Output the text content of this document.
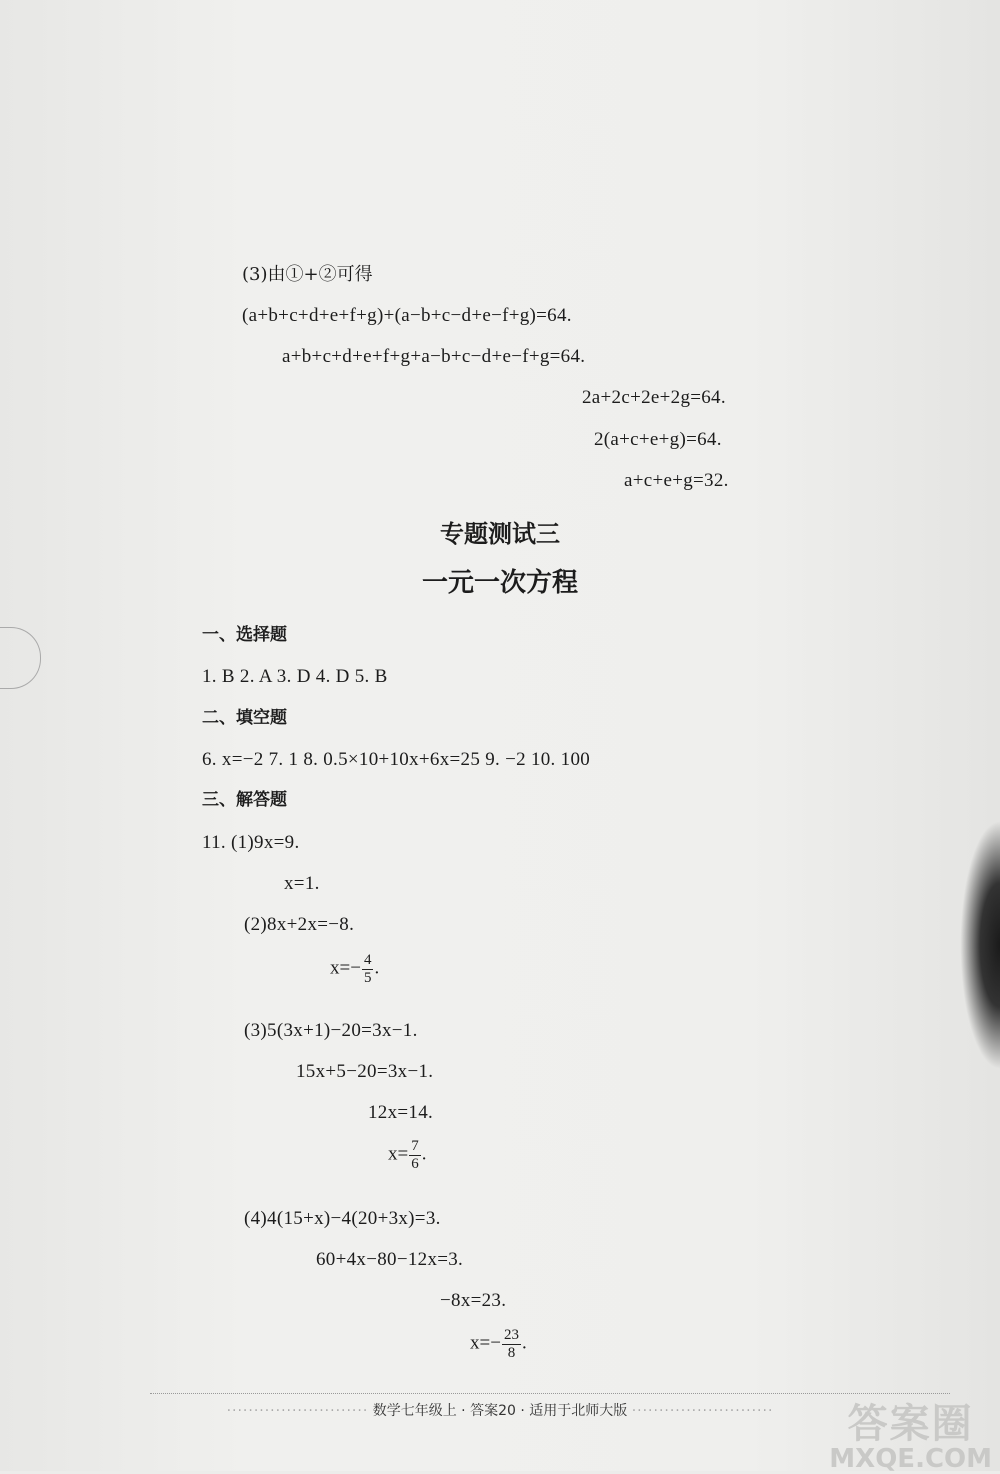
(3)由①+②可得
(a+b+c+d+e+f+g)+(a−b+c−d+e−f+g)=64.
a+b+c+d+e+f+g+a−b+c−d+e−f+g=64.
2a+2c+2e+2g=64.
2(a+c+e+g)=64.
a+c+e+g=32.
专题测试三
一元一次方程
一、选择题
1. B 2. A 3. D 4. D 5. B
二、填空题
6. x=−2 7. 1 8. 0.5×10+10x+6x=25 9. −2 10. 100
三、解答题
11. (1)9x=9.
x=1.
(2)8x+2x=−8.
$x=- \frac{4}{5}$ .
(3)5(3x+1)−20=3x−1.
15x+5−20=3x−1.
12x=14.
$x= \frac{7}{6}$ .
(4)4(15+x)−4(20+3x)=3.
60+4x−80−12x=3.
−8x=23.
$x=- \frac{23}{8}$ .
·························· 数学七年级上 · 答案20 · 适用于北师大版 ··························	答案圈
MXQE.COM
